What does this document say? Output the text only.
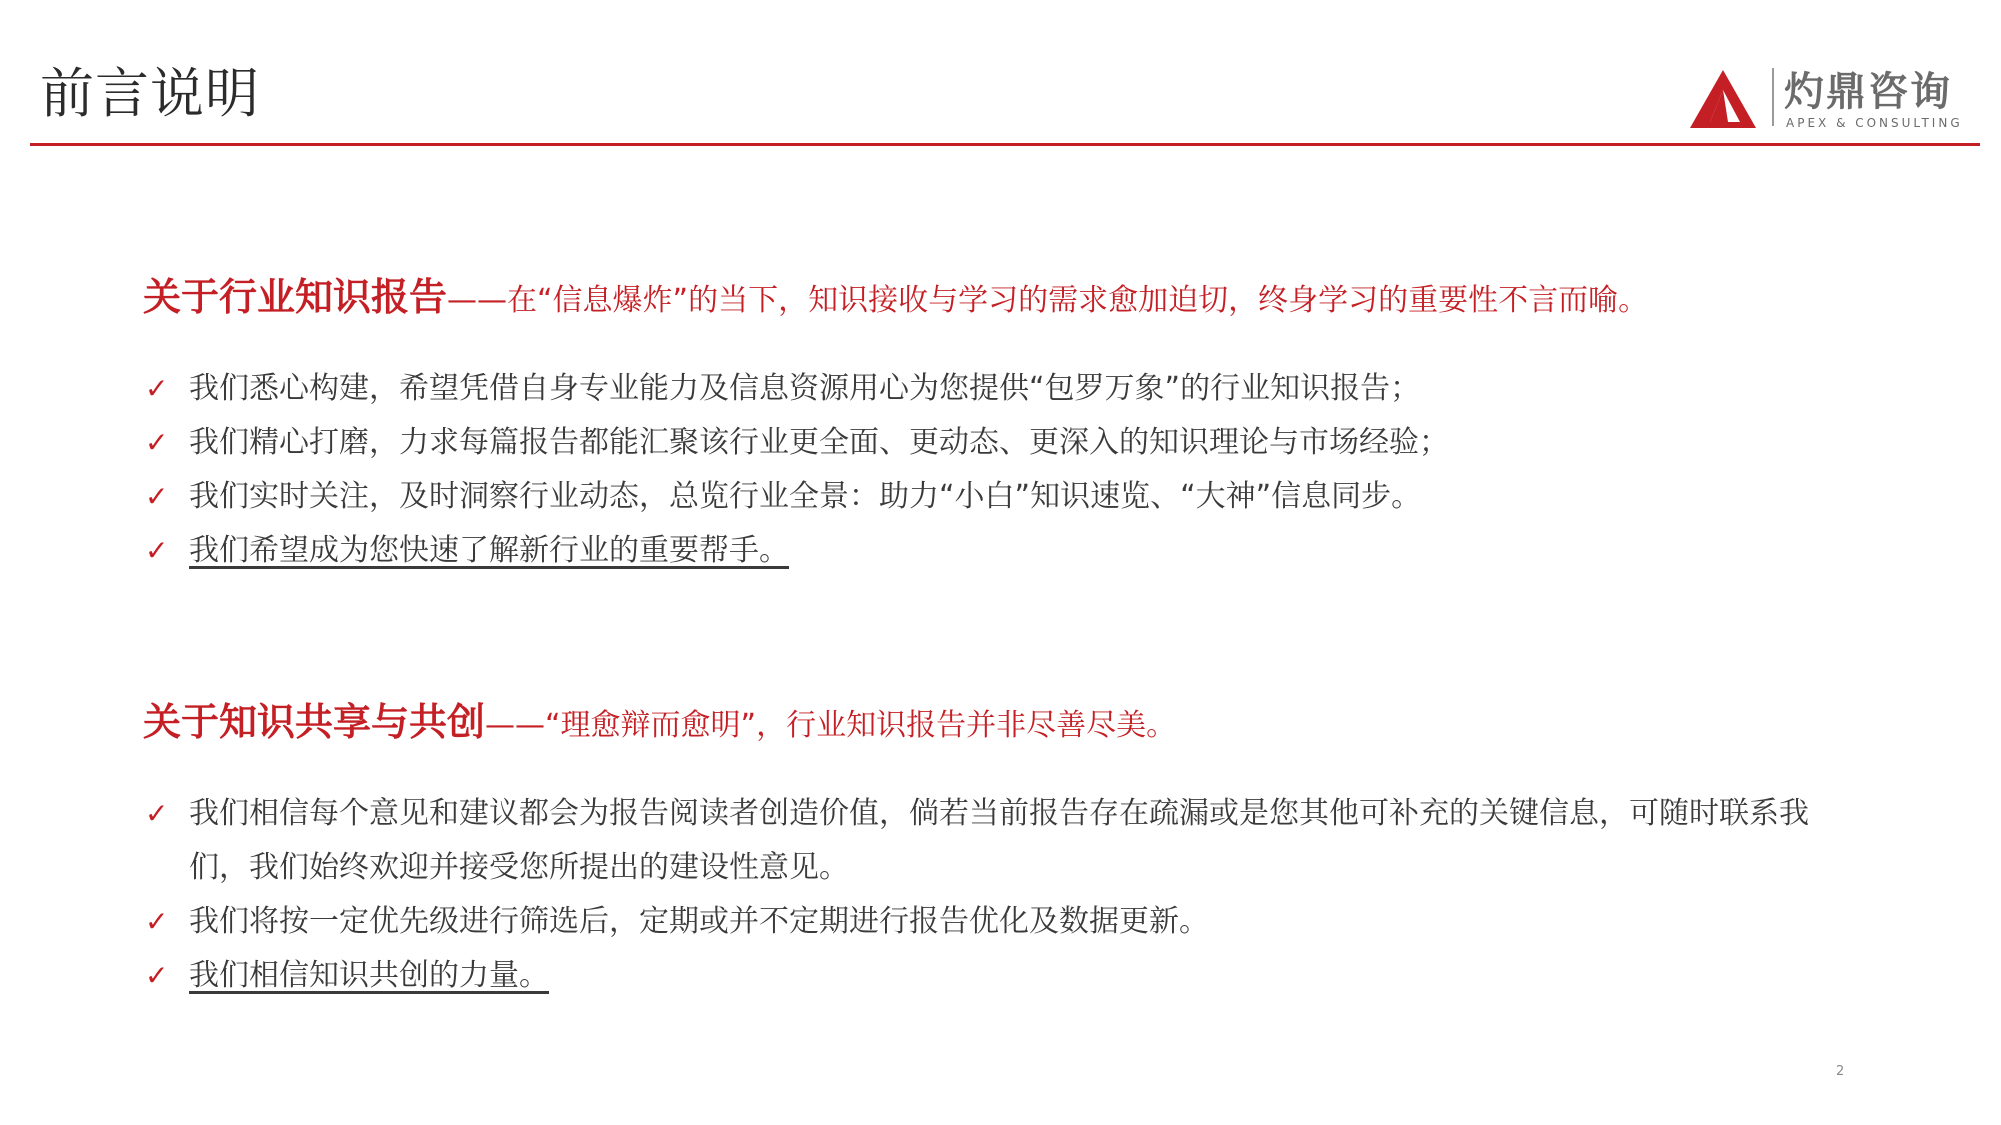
前言说明	灼鼎咨询
APEX & CONSULTING
关于行业知识报告——在“信息爆炸”的当下，知识接收与学习的需求愈加迫切，终身学习的重要性不言而喻。
✓ 我们悉心构建，希望凭借自身专业能力及信息资源用心为您提供“包罗万象”的行业知识报告；
✓ 我们精心打磨，力求每篇报告都能汇聚该行业更全面、更动态、更深入的知识理论与市场经验；
✓ 我们实时关注，及时洞察行业动态，总览行业全景：助力“小白”知识速览、“大神”信息同步。
✓ 我们希望成为您快速了解新行业的重要帮手。
关于知识共享与共创——“理愈辩而愈明”，行业知识报告并非尽善尽美。
✓ 我们相信每个意见和建议都会为报告阅读者创造价值，倘若当前报告存在疏漏或是您其他可补充的关键信息，可随时联系我们，我们始终欢迎并接受您所提出的建设性意见。
✓ 我们将按一定优先级进行筛选后，定期或并不定期进行报告优化及数据更新。
✓ 我们相信知识共创的力量。
2
